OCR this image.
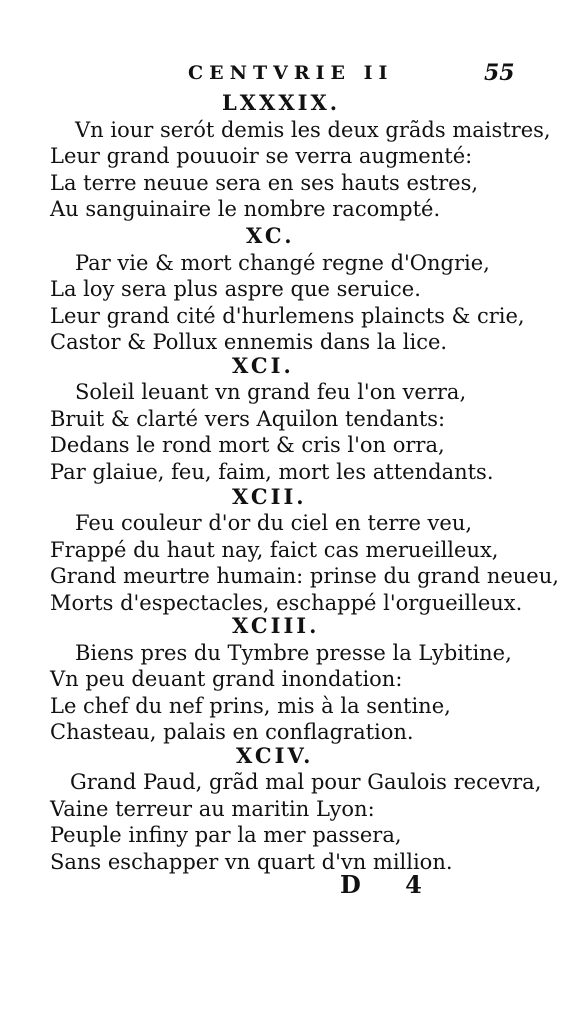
CENTVRIE II	55
LXXXIX.
Vn iour serót demis les deux grãds maistres,
Leur grand pouuoir se verra augmenté:
La terre neuue sera en ses hauts estres,
Au sanguinaire le nombre racompté.
XC.
Par vie & mort changé regne d'Ongrie,
La loy sera plus aspre que seruice.
Leur grand cité d'hurlemens plaincts & crie,
Castor & Pollux ennemis dans la lice.
XCI.
Soleil leuant vn grand feu l'on verra,
Bruit & clarté vers Aquilon tendants:
Dedans le rond mort & cris l'on orra,
Par glaiue, feu, faim, mort les attendants.
XCII.
Feu couleur d'or du ciel en terre veu,
Frappé du haut nay, faict cas merueilleux,
Grand meurtre humain: prinse du grand neueu,
Morts d'espectacles, eschappé l'orgueilleux.
XCIII.
Biens pres du Tymbre presse la Lybitine,
Vn peu deuant grand inondation:
Le chef du nef prins, mis à la sentine,
Chasteau, palais en conflagration.
XCIV.
Grand Paud, grãd mal pour Gaulois recevra,
Vaine terreur au maritin Lyon:
Peuple infiny par la mer passera,
Sans eschapper vn quart d'vn million.
D 4
